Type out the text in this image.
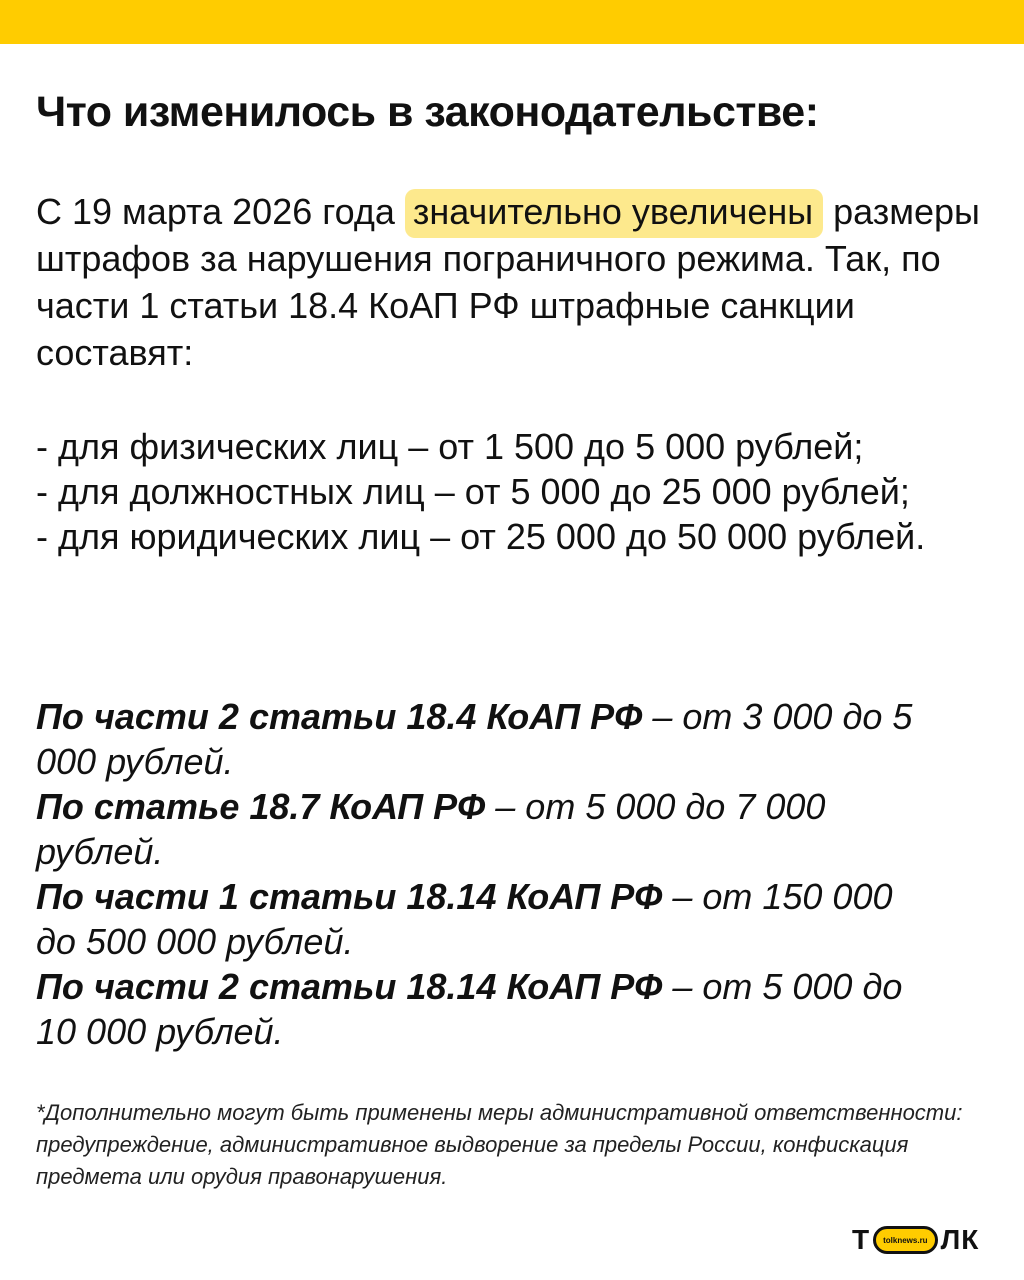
Что изменилось в законодательстве:

С 19 марта 2026 года значительно увеличены размеры штрафов за нарушения пограничного режима. Так, по части 1 статьи 18.4 КоАП РФ штрафные санкции составят:

- для физических лиц – от 1 500 до 5 000 рублей;
- для должностных лиц – от 5 000 до 25 000 рублей;
- для юридических лиц – от 25 000 до 50 000 рублей.

По части 2 статьи 18.4 КоАП РФ – от 3 000 до 5 000 рублей.

По статье 18.7 КоАП РФ – от 5 000 до 7 000 рублей.

По части 1 статьи 18.14 КоАП РФ – от 150 000 до 500 000 рублей.

По части 2 статьи 18.14 КоАП РФ – от 5 000 до 10 000 рублей.

*Дополнительно могут быть применены меры административной ответственности: предупреждение, административное выдворение за пределы России, конфискация предмета или орудия правонарушения.

Т	tolknews.ru ЛК
